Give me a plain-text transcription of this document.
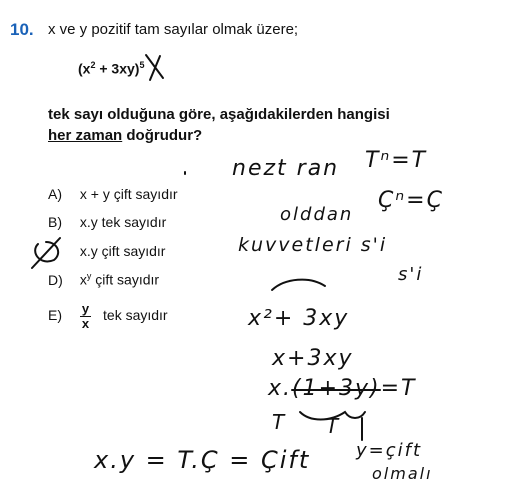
10. x ve y pozitif tam sayılar olmak üzere;
$(x^2 + 3xy)^5$
tek sayı olduğuna göre, aşağıdakilerden hangisi
her zaman doğrudur?
A) x + y çift sayıdır
B) x.y tek sayıdır
x.y çift sayıdır
D) $x^y$ çift sayıdır
$E) \frac{y}{x}$ tek sayıdır
nezt ran Tⁿ=T
Çⁿ=Ç
olddan
kuvvetleri s'i
s'i
x²+ 3xy
x+3xy
x.(1+3y)=T
T T
x.y = T.Ç = Çift	y=çift
olmalı
